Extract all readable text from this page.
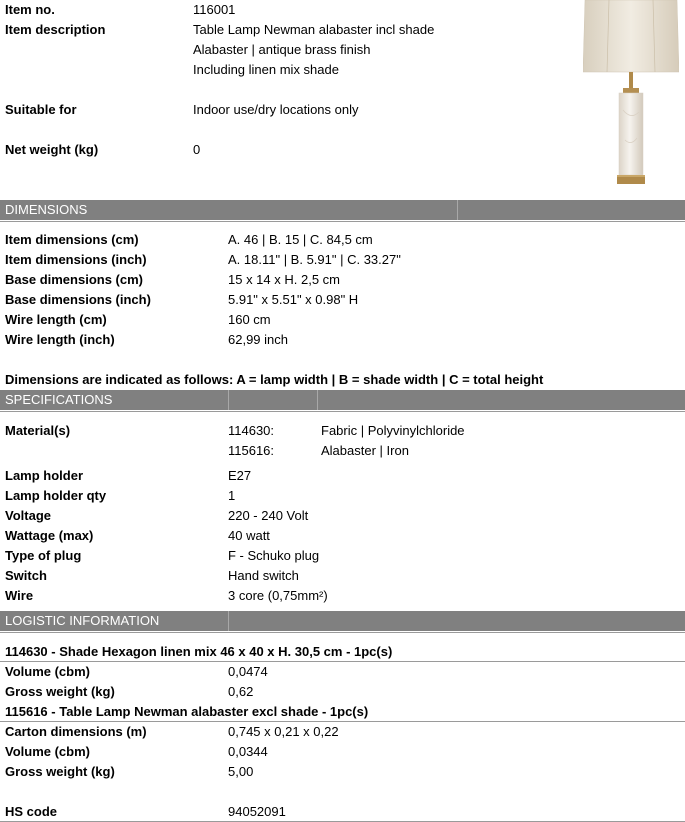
Item no.	116001
Item description	Table Lamp Newman alabaster incl shade
Alabaster | antique brass finish
Including linen mix shade
Suitable for	Indoor use/dry locations only
Net weight (kg)	0
DIMENSIONS
Item dimensions (cm)	A. 46 | B. 15 | C. 84,5 cm
Item dimensions (inch)	A. 18.11" | B. 5.91" | C. 33.27"
Base dimensions (cm)	15 x 14 x H. 2,5 cm
Base dimensions (inch)	5.91" x 5.51" x 0.98" H
Wire length (cm)	160 cm
Wire length (inch)	62,99 inch
Dimensions are indicated as follows: A = lamp width | B = shade width | C = total height
SPECIFICATIONS
Material(s)	114630:	Fabric | Polyvinylchloride
115616:	Alabaster | Iron
Lamp holder	E27
Lamp holder qty	1
Voltage	220 - 240 Volt
Wattage (max)	40 watt
Type of plug	F - Schuko plug
Switch	Hand switch
Wire	3 core (0,75mm²)
LOGISTIC INFORMATION
114630 - Shade Hexagon linen mix 46 x 40 x H. 30,5 cm - 1pc(s)
Volume (cbm)	0,0474
Gross weight (kg)	0,62
115616 - Table Lamp Newman alabaster excl shade - 1pc(s)
Carton dimensions (m)	0,745 x 0,21 x 0,22
Volume (cbm)	0,0344
Gross weight (kg)	5,00
HS code	94052091
